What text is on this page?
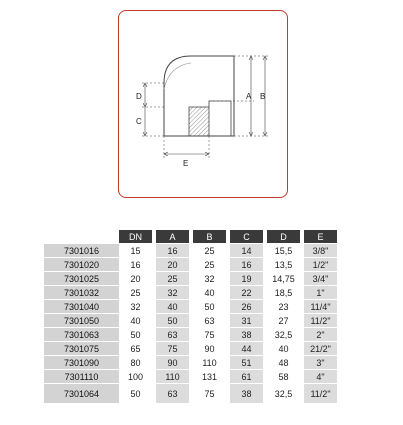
A B
D
C
E
	DN		A		B		C		D		E
7301016	15		16		25		14		15,5		3/8"
7301020	16		20		25		16		13,5		1/2"
7301025	20		25		32		19		14,75		3/4"
7301032	25		32		40		22		18,5		1"
7301040	32		40		50		26		23		11/4"
7301050	40		50		63		31		27		11/2"
7301063	50		63		75		38		32,5		2"
7301075	65		75		90		44		40		21/2"
7301090	80		90		110		51		48		3"
7301110	100		110		131		61		58		4"
7301064	50		63		75		38		32,5		11/2"
